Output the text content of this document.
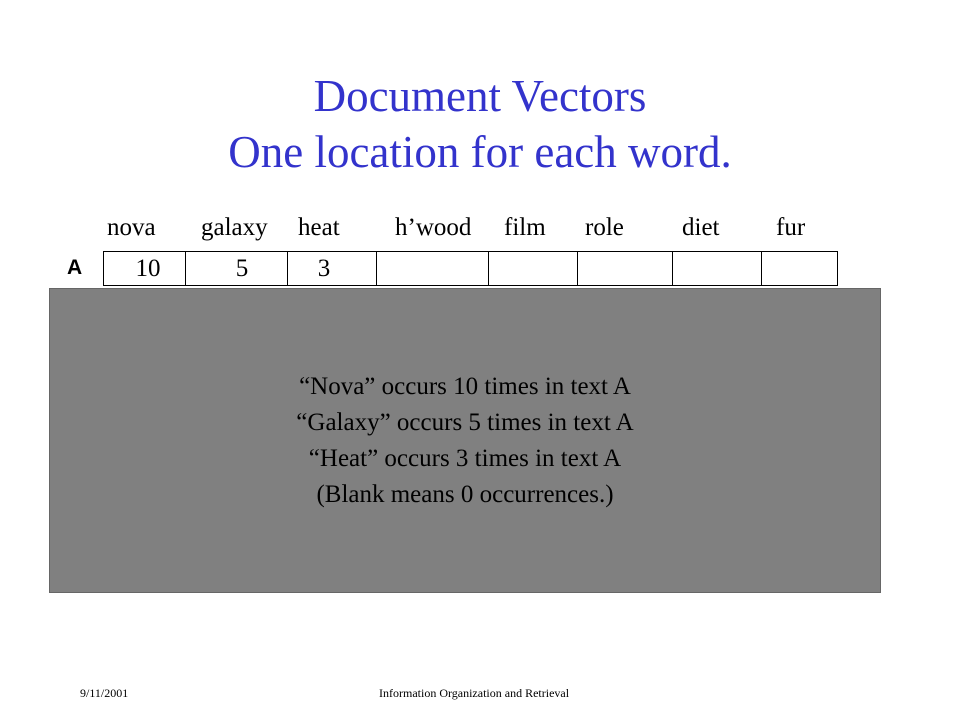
Document Vectors
One location for each word.
nova galaxy heat h’wood film role diet fur
A	10	5	3
“Nova” occurs 10 times in text A
“Galaxy” occurs 5 times in text A
“Heat” occurs 3 times in text A
(Blank means 0 occurrences.)
9/11/2001	Information Organization and Retrieval
